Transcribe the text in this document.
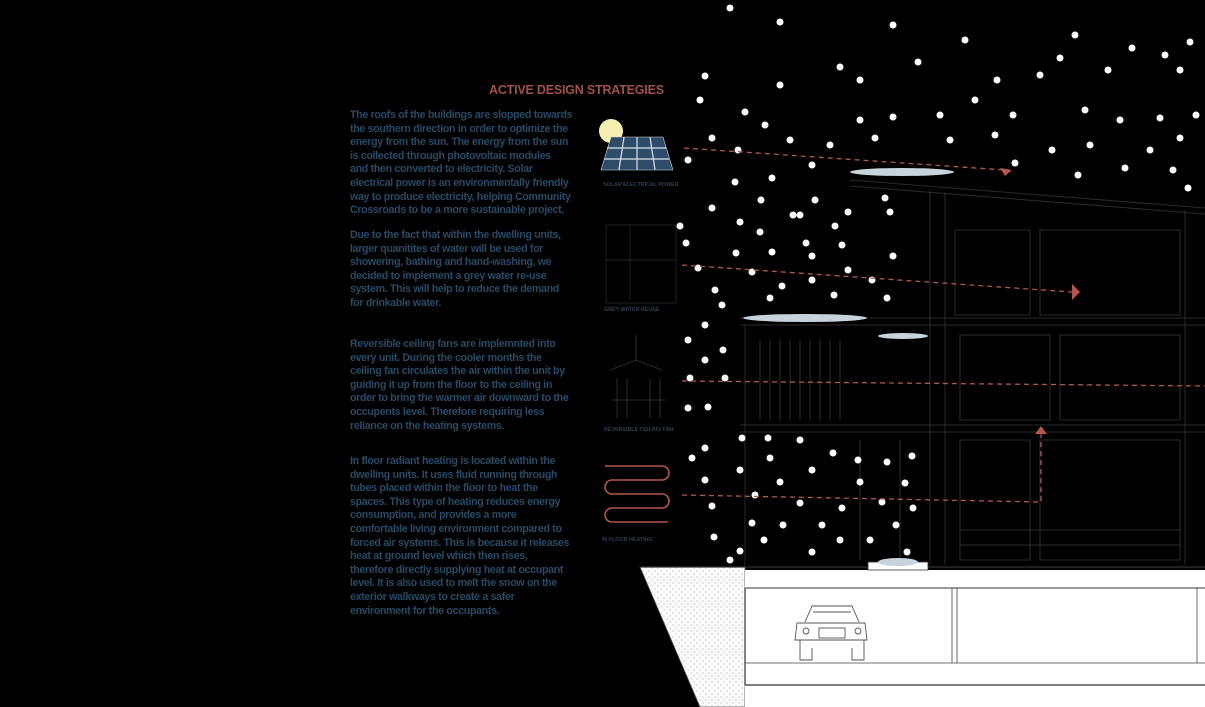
ACTIVE DESIGN STRATEGIES
The roofs of the buildings are slopped towards
the southern direction in order to optimize the
energy from the sun. The energy from the sun
is collected through photovoltaic modules
and then converted to electricity. Solar
electrical power is an environmentally friendly
way to produce electricity, helping Community
Crossroads to be a more sustainable project.
Due to the fact that within the dwelling units,
larger quanitites of water will be used for
showering, bathing and hand-washing, we
decided to implement a grey water re-use
system. This will help to reduce the demand
for drinkable water.
Reversible ceiling fans are implemnted into
every unit. During the cooler months the
ceiling fan circulates the air within the unit by
guiding it up from the floor to the ceiling in
order to bring the warmer air downward to the
occupents level. Therefore requiring less
reliance on the heating systems.
In floor radiant heating is located within the
dwelling units. It uses fluid running through
tubes placed within the floor to heat the
spaces. This type of heating reduces energy
consumption, and provides a more
comfortable living environment compared to
forced air systems. This is because it releases
heat at ground level which then rises,
therefore directly supplying heat at occupant
level. It is also used to melt the snow on the
exterior walkways to create a safer
environment for the occupants.
SOLAR ELECTRICAL POWER
GREY WATER REUSE
REVERSIBLE CEILING FAN
IN FLOOR HEATING
